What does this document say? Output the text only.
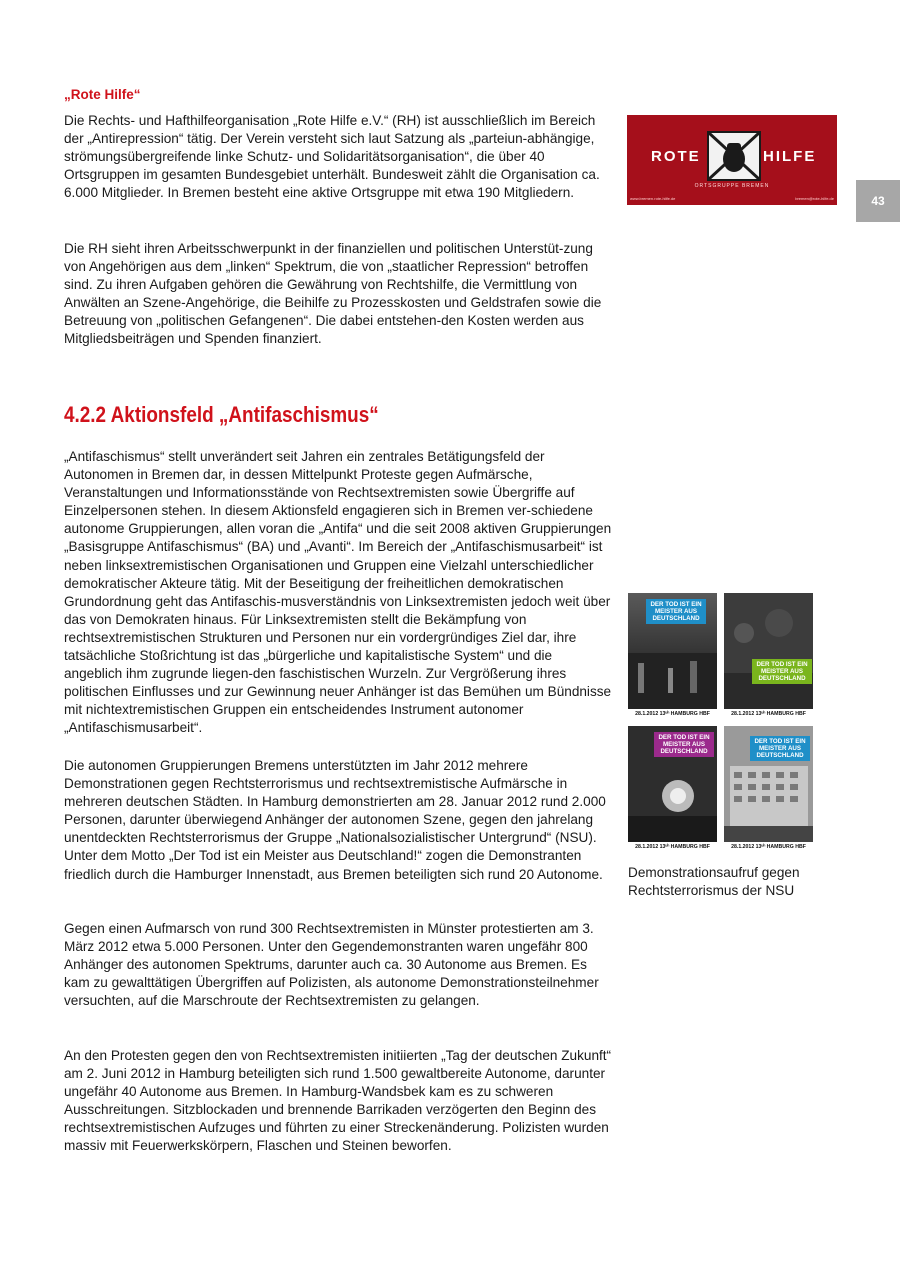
„Rote Hilfe“

Die Rechts- und Hafthilfeorganisation „Rote Hilfe e.V.“ (RH) ist ausschließlich im Bereich der „Antirepression“ tätig. Der Verein versteht sich laut Satzung als „parteiun-abhängige, strömungsübergreifende linke Schutz- und Solidaritätsorganisation“, die über 40 Ortsgruppen im gesamten Bundesgebiet unterhält. Bundesweit zählt die Organisation ca. 6.000 Mitglieder. In Bremen besteht eine aktive Ortsgruppe mit etwa 190 Mitgliedern.

Die RH sieht ihren Arbeitsschwerpunkt in der finanziellen und politischen Unterstüt-zung von Angehörigen aus dem „linken“ Spektrum, die von „staatlicher Repression“ betroffen sind. Zu ihren Aufgaben gehören die Gewährung von Rechtshilfe, die Vermittlung von Anwälten an Szene-Angehörige, die Beihilfe zu Prozesskosten und Geldstrafen sowie die Betreuung von „politischen Gefangenen“. Die dabei entstehen-den Kosten werden aus Mitgliedsbeiträgen und Spenden finanziert.

4.2.2 Aktionsfeld „Antifaschismus“

„Antifaschismus“ stellt unverändert seit Jahren ein zentrales Betätigungsfeld der Autonomen in Bremen dar, in dessen Mittelpunkt Proteste gegen Aufmärsche, Veranstaltungen und Informationsstände von Rechtsextremisten sowie Übergriffe auf Einzelpersonen stehen. In diesem Aktionsfeld engagieren sich in Bremen ver-schiedene autonome Gruppierungen, allen voran die „Antifa“ und die seit 2008 aktiven Gruppierungen „Basisgruppe Antifaschismus“ (BA) und „Avanti“. Im Bereich der „Antifaschismusarbeit“ ist neben linksextremistischen Organisationen und Gruppen eine Vielzahl unterschiedlicher demokratischer Akteure tätig. Mit der Beseitigung der freiheitlichen demokratischen Grundordnung geht das Antifaschis-musverständnis von Linksextremisten jedoch weit über das von Demokraten hinaus. Für Linksextremisten stellt die Bekämpfung von rechtsextremistischen Strukturen und Personen nur ein vordergründiges Ziel dar, ihre tatsächliche Stoßrichtung ist das „bürgerliche und kapitalistische System“ und die angeblich ihm zugrunde liegen-den faschistischen Wurzeln. Zur Vergrößerung ihres politischen Einflusses und zur Gewinnung neuer Anhänger ist das Bemühen um Bündnisse mit nichtextremistischen Gruppen ein entscheidendes Instrument autonomer „Antifaschismusarbeit“.

Die autonomen Gruppierungen Bremens unterstützten im Jahr 2012 mehrere Demonstrationen gegen Rechtsterrorismus und rechtsextremistische Aufmärsche in mehreren deutschen Städten. In Hamburg demonstrierten am 28. Januar 2012 rund 2.000 Personen, darunter überwiegend Anhänger der autonomen Szene, gegen den jahrelang unentdeckten Rechtsterrorismus der Gruppe „Nationalsozialistischer Untergrund“ (NSU). Unter dem Motto „Der Tod ist ein Meister aus Deutschland!“ zogen die Demonstranten friedlich durch die Hamburger Innenstadt, aus Bremen beteiligten sich rund 20 Autonome.

Gegen einen Aufmarsch von rund 300 Rechtsextremisten in Münster protestierten am 3. März 2012 etwa 5.000 Personen. Unter den Gegendemonstranten waren ungefähr 800 Anhänger des autonomen Spektrums, darunter auch ca. 30 Autonome aus Bremen. Es kam zu gewalttätigen Übergriffen auf Polizisten, als autonome Demonstrationsteilnehmer versuchten, auf die Marschroute der Rechtsextremisten zu gelangen.

An den Protesten gegen den von Rechtsextremisten initiierten „Tag der deutschen Zukunft“ am 2. Juni 2012 in Hamburg beteiligten sich rund 1.500 gewaltbereite Autonome, darunter ungefähr 40 Autonome aus Bremen. In Hamburg-Wandsbek kam es zu schweren Ausschreitungen. Sitzblockaden und brennende Barrikaden verzögerten den Beginn des rechtsextremistischen Aufzuges und führten zu einer Streckenänderung. Polizisten wurden massiv mit Feuerwerkskörpern, Flaschen und Steinen beworfen.

43
ROTE	HILFE
ORTSGRUPPE BREMEN
www.bremen.rote-hilfe.de	bremen@rote-hilfe.de
DER TOD IST EIN MEISTER AUS DEUTSCHLAND
28.1.2012 13ᵘʰ HAMBURG HBF
DER TOD IST EIN MEISTER AUS DEUTSCHLAND
28.1.2012 13ᵘʰ HAMBURG HBF
DER TOD IST EIN MEISTER AUS DEUTSCHLAND
28.1.2012 13ᵘʰ HAMBURG HBF
DER TOD IST EIN MEISTER AUS DEUTSCHLAND
28.1.2012 13ᵘʰ HAMBURG HBF

Demonstrationsaufruf gegen Rechtsterrorismus der NSU
